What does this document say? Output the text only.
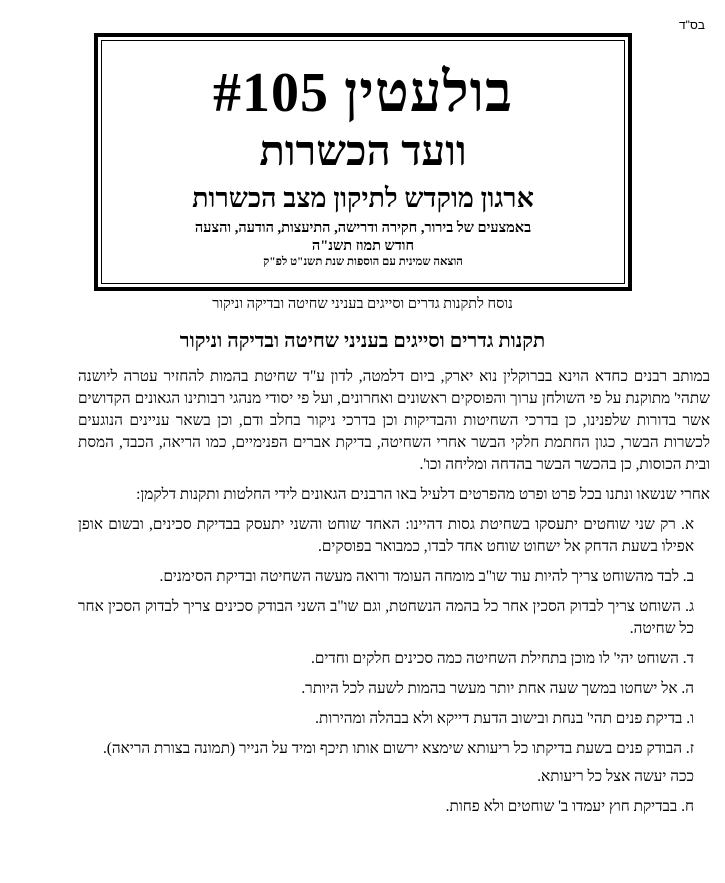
בס"ד
בולעטין #105
וועד הכשרות
ארגון מוקדש לתיקון מצב הכשרות
באמצעים של בירור, חקירה ודרישה, התיעצות, הודעה, והצעה
חודש תמוז תשנ"ה
הוצאה שמינית עם הוספות שנת תשנ"ט לפ"ק
נוסח לתקנות גדרים וסייגים בעניני שחיטה ובדיקה וניקור
תקנות גדרים וסייגים בעניני שחיטה ובדיקה וניקור

במותב רבנים כחדא הוינא בברוקלין נוא יארק, ביום דלמטה, לדון ע"ד שחיטת בהמות להחזיר עטרה ליושנה שתהי' מתוקנת על פי השולחן ערוך והפוסקים ראשונים ואחרונים, ועל פי יסודי מנהגי רבותינו הגאונים הקדושים אשר בדורות שלפנינו, כן בדרכי השחיטות והבדיקות וכן בדרכי ניקור בחלב ודם, וכן בשאר עניינים הנוגעים לכשרות הבשר, כגון החתמת חלקי הבשר אחרי השחיטה, בדיקת אברים הפנימיים, כמו הריאה, הכבד, המסת ובית הכוסות, כן בהכשר הבשר בהדחה ומליחה וכו'.

אחרי שנשאו ונתנו בכל פרט ופרט מהפרטים דלעיל באו הרבנים הגאונים לידי החלטות ותקנות דלקמן:

א. רק שני שוחטים יתעסקו בשחיטת גסות דהיינו: האחד שוחט והשני יתעסק בבדיקת סכינים, ובשום אופן אפילו בשעת הדחק אל ישחוט שוחט אחד לבדו, כמבואר בפוסקים.

ב. לבד מהשוחט צריך להיות עוד שו"ב מומחה העומד ורואה מעשה השחיטה ובדיקת הסימנים.

ג. השוחט צריך לבדוק הסכין אחר כל בהמה הנשחטת, וגם שו"ב השני הבודק סכינים צריך לבדוק הסכין אחר כל שחיטה.

ד. השוחט יהי' לו מוכן בתחילת השחיטה כמה סכינים חלקים וחדים.

ה. אל ישחטו במשך שעה אחת יותר מעשר בהמות לשעה לכל היותר.

ו. בדיקת פנים תהי' בנחת ובישוב הדעת דייקא ולא בבהלה ומהירות.

ז. הבודק פנים בשעת בדיקתו כל ריעותא שימצא ירשום אותו תיכף ומיד על הנייר (תמונה בצורת הריאה).

ככה יעשה אצל כל ריעותא.

ח. בבדיקת חוץ יעמדו ב' שוחטים ולא פחות.
